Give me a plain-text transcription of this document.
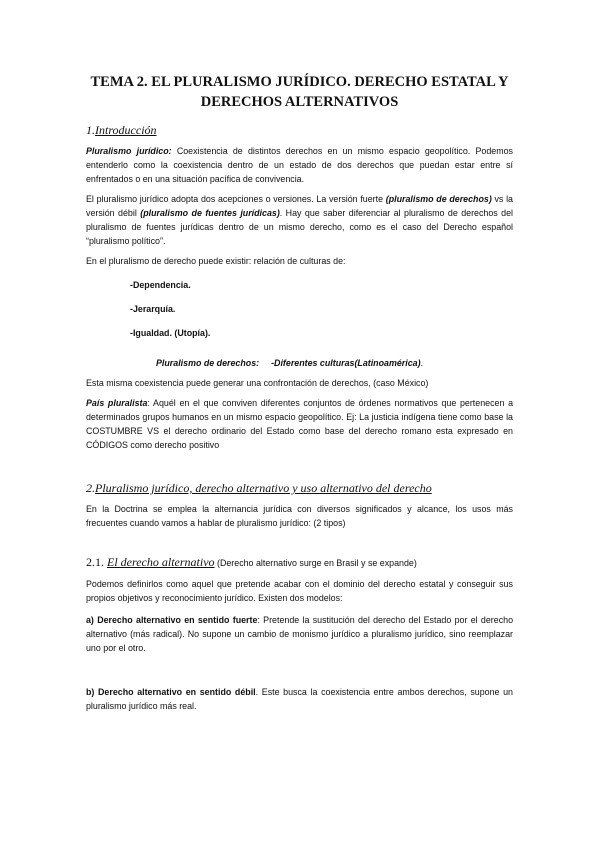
TEMA 2. EL PLURALISMO JURÍDICO. DERECHO ESTATAL Y
DERECHOS ALTERNATIVOS
1.Introducción

Pluralismo jurídico: Coexistencia de distintos derechos en un mismo espacio geopolítico. Podemos entenderlo como la coexistencia dentro de un estado de dos derechos que puedan estar entre sí enfrentados o en una situación pacífica de convivencia.

El pluralismo jurídico adopta dos acepciones o versiones. La versión fuerte (pluralismo de derechos) vs la versión débil (pluralismo de fuentes jurídicas). Hay que saber diferenciar al pluralismo de derechos del pluralismo de fuentes jurídicas dentro de un mismo derecho, como es el caso del Derecho español “pluralismo político”.

En el pluralismo de derecho puede existir: relación de culturas de:

-Dependencia.
-Jerarquía.
-Igualdad. (Utopía).

Pluralismo de derechos: -Diferentes culturas(Latinoamérica).

Esta misma coexistencia puede generar una confrontación de derechos, (caso México)

País pluralista: Aquél en el que conviven diferentes conjuntos de órdenes normativos que pertenecen a determinados grupos humanos en un mismo espacio geopolítico. Ej: La justicia indígena tiene como base la COSTUMBRE VS el derecho ordinario del Estado como base del derecho romano esta expresado en CÓDIGOS como derecho positivo

2.Pluralismo jurídico, derecho alternativo y uso alternativo del derecho

En la Doctrina se emplea la alternancia jurídica con diversos significados y alcance, los usos más frecuentes cuando vamos a hablar de pluralismo jurídico: (2 tipos)

2.1. El derecho alternativo (Derecho alternativo surge en Brasil y se expande)

Podemos definirlos como aquel que pretende acabar con el dominio del derecho estatal y conseguir sus propios objetivos y reconocimiento jurídico. Existen dos modelos:

a) Derecho alternativo en sentido fuerte: Pretende la sustitución del derecho del Estado por el derecho alternativo (más radical). No supone un cambio de monismo jurídico a pluralismo jurídico, sino reemplazar uno por el otro.

b) Derecho alternativo en sentido débil. Este busca la coexistencia entre ambos derechos, supone un pluralismo jurídico más real.
